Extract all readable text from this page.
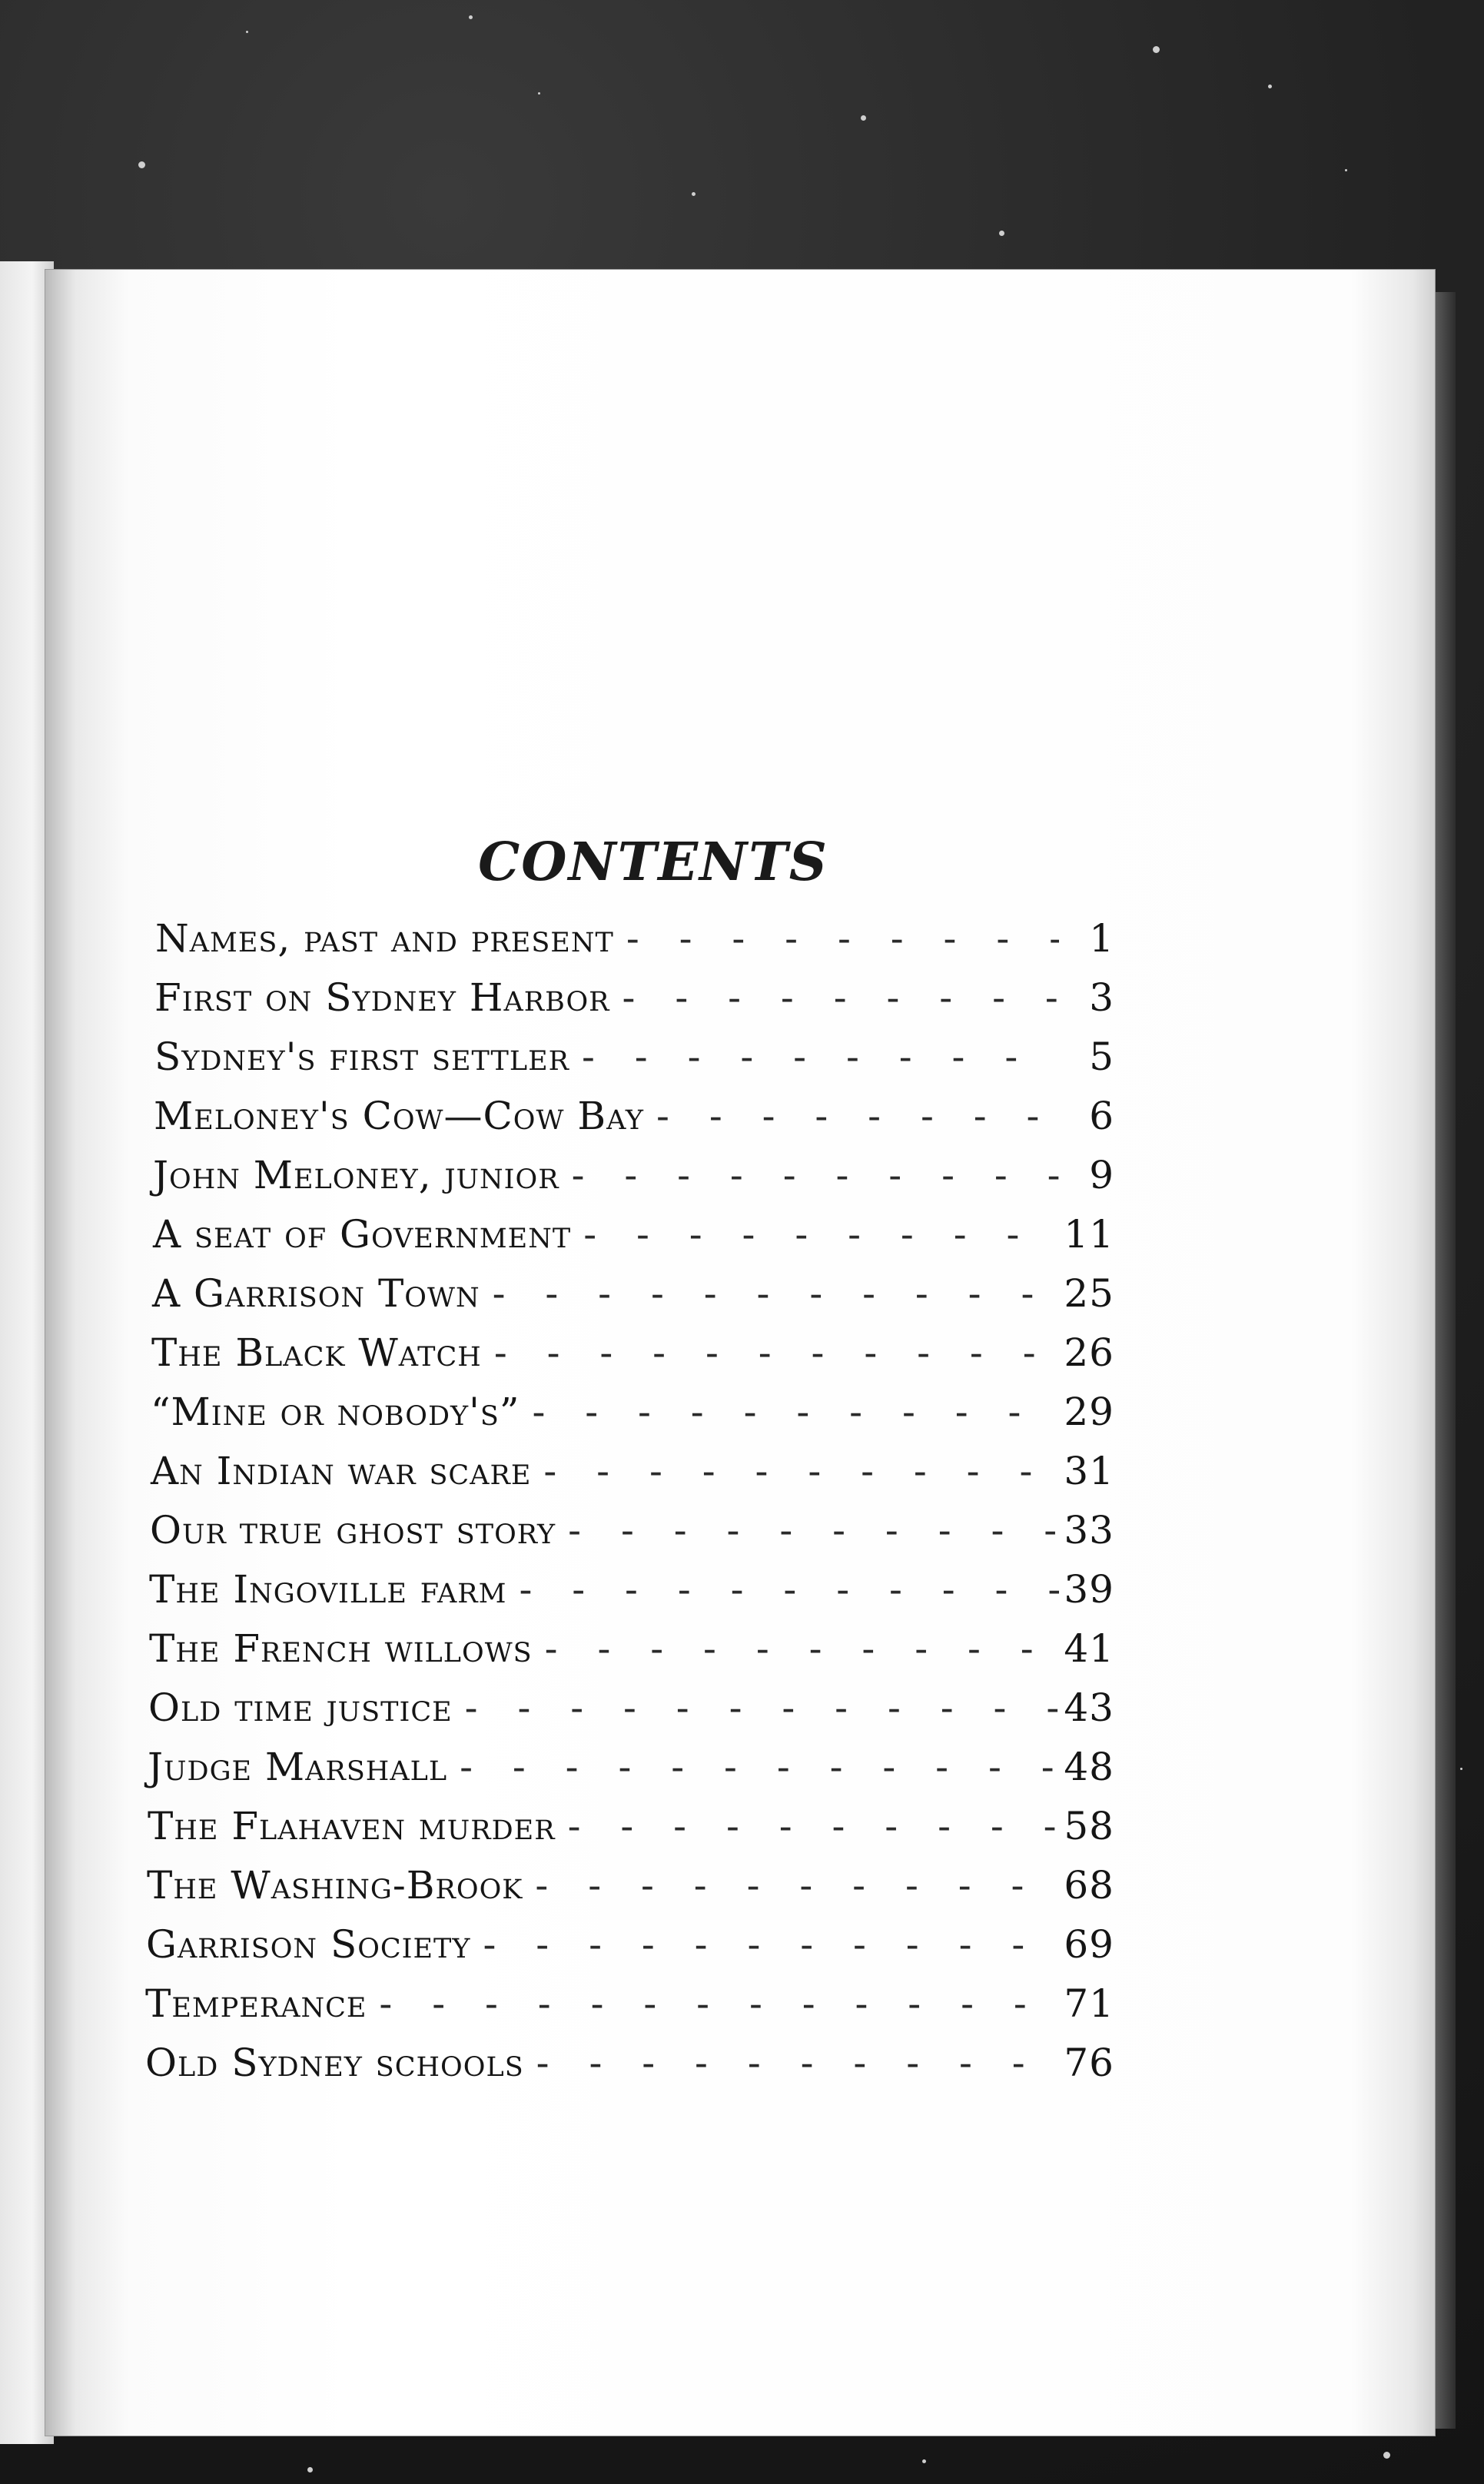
CONTENTS
Names, past and present - - -	1
First on Sydney Harbor - - -	3
Sydney's first settler - - -	5
Meloney's Cow—Cow Bay - - -	6
John Meloney, junior - - -	9
A seat of Government - - -	11
A Garrison Town - - -	25
The Black Watch - - -	26
“Mine or nobody's” - - -	29
An Indian war scare - - -	31
Our true ghost story - - -	33
The Ingoville farm - - -	39
The French willows - - -	41
Old time justice - - -	43
Judge Marshall - - -	48
The Flahaven murder - - -	58
The Washing-Brook - - -	68
Garrison Society - - -	69
Temperance - - -	71
Old Sydney schools - - -	76
